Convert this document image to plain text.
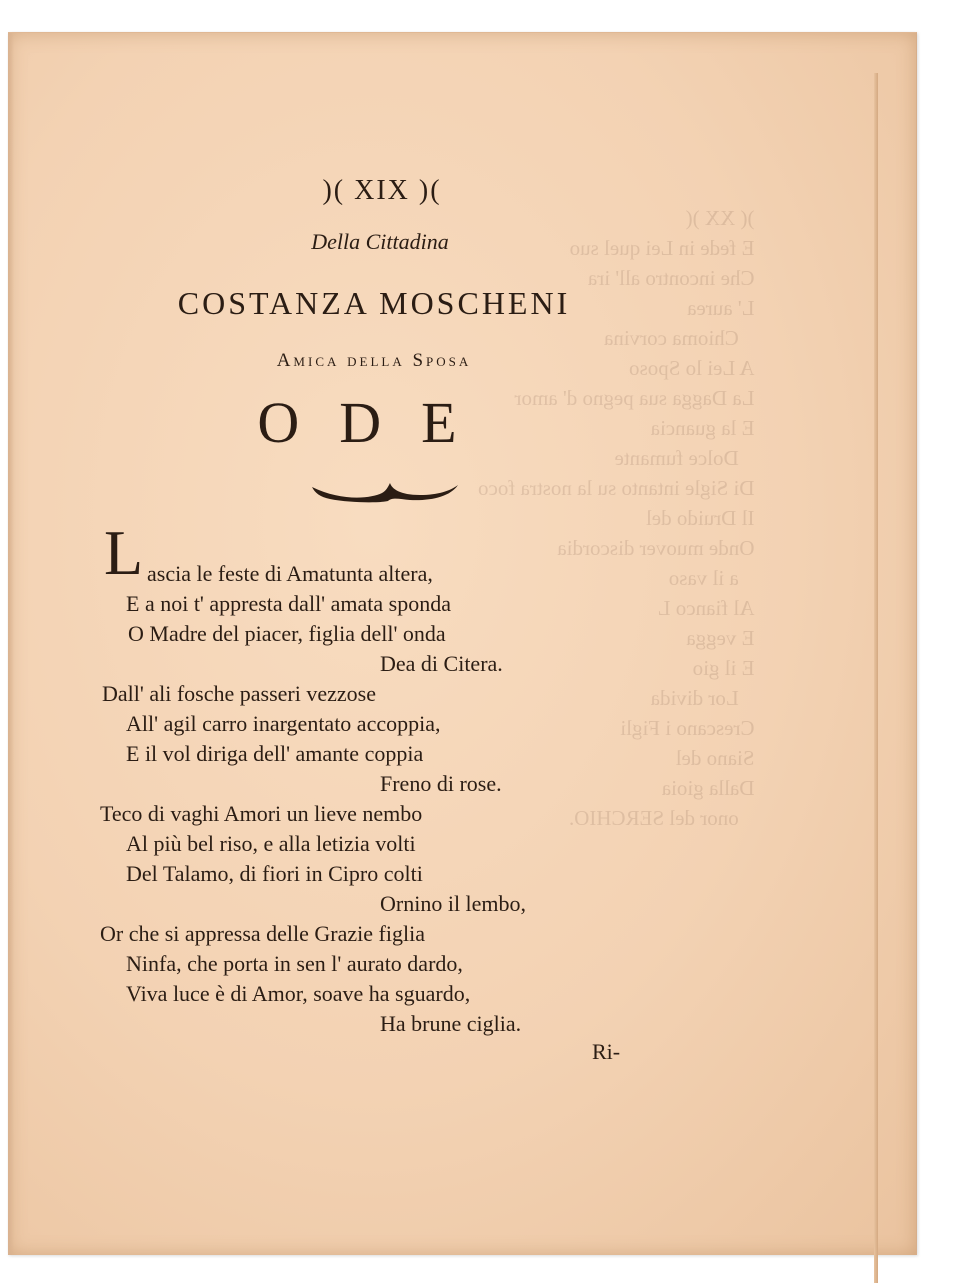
)( XX )(
E fede in Lei quel suo
Che incontro all' ira
L' aurea
Chioma corvina
A Lei lo Sposo
La Dagga sua pegno d' amor
E la guancia
Dolce fumante
Di Sigle intanto su la nostra foco
Il Druido del
Onde muover discordia
a il vaso
Al fianco L
E vegga
E il gio
Lor divida
Crescano i Figli
Siano del
Dalla gioia
onor del SERCHIO.

)( XIX )(
Della Cittadina
COSTANZA MOSCHENI
Amica della Sposa
ODE
L ascia le feste di Amatunta altera,
E a noi t' appresta dall' amata sponda
O Madre del piacer, figlia dell' onda
Dea di Citera.
Dall' ali fosche passeri vezzose
All' agil carro inargentato accoppia,
E il vol diriga dell' amante coppia
Freno di rose.
Teco di vaghi Amori un lieve nembo
Al più bel riso, e alla letizia volti
Del Talamo, di fiori in Cipro colti
Ornino il lembo,
Or che si appressa delle Grazie figlia
Ninfa, che porta in sen l' aurato dardo,
Viva luce è di Amor, soave ha sguardo,
Ha brune ciglia.
Ri-
